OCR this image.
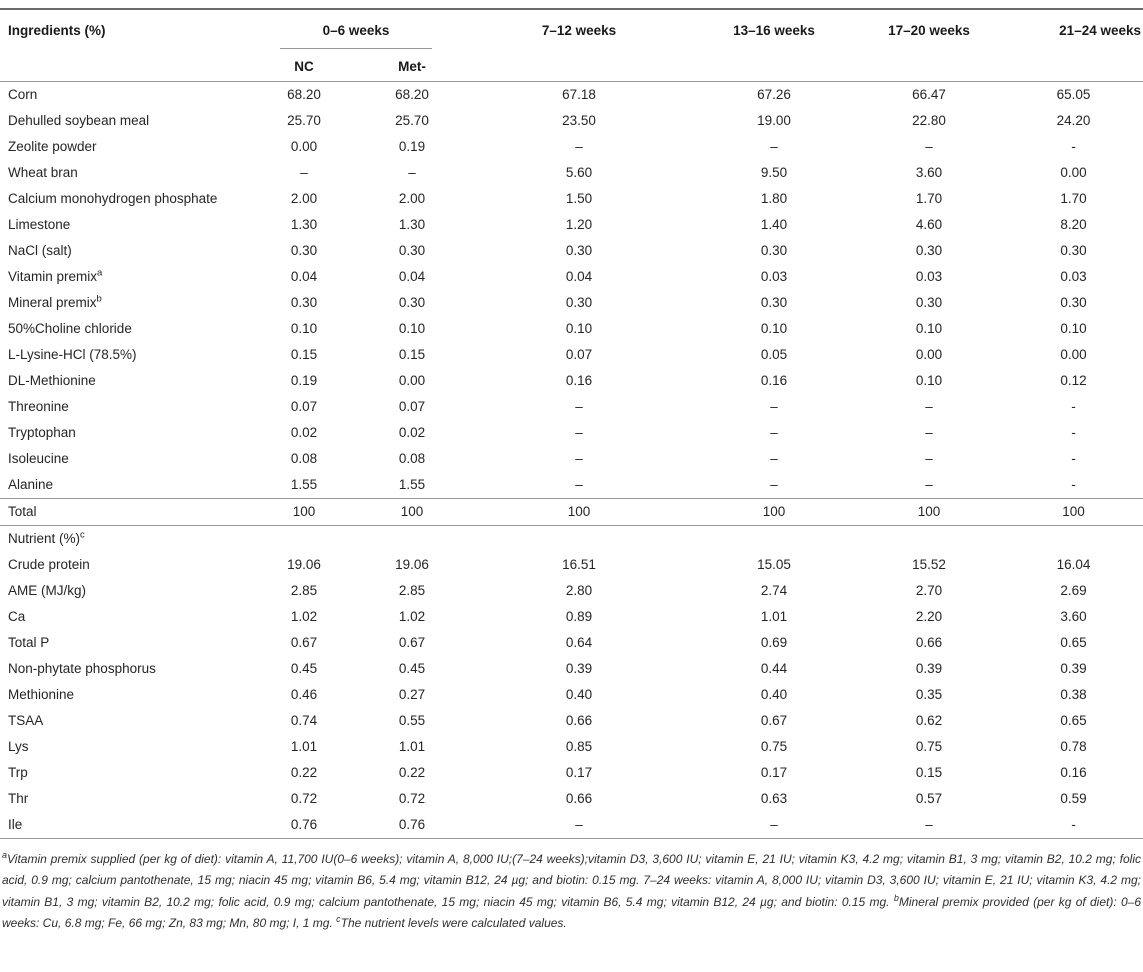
Ingredients (%)	0–6 weeks		7–12 weeks	13–16 weeks	17–20 weeks	21–24 weeks
	NC	Met-				
Corn	68.20	68.20	67.18	67.26	66.47	65.05
Dehulled soybean meal	25.70	25.70	23.50	19.00	22.80	24.20
Zeolite powder	0.00	0.19	–	–	–	-
Wheat bran	–	–	5.60	9.50	3.60	0.00
Calcium monohydrogen phosphate	2.00	2.00	1.50	1.80	1.70	1.70
Limestone	1.30	1.30	1.20	1.40	4.60	8.20
NaCl (salt)	0.30	0.30	0.30	0.30	0.30	0.30
Vitamin premix$^a$	0.04	0.04	0.04	0.03	0.03	0.03
Mineral premix$^b$	0.30	0.30	0.30	0.30	0.30	0.30
50%Choline chloride	0.10	0.10	0.10	0.10	0.10	0.10
L-Lysine-HCl (78.5%)	0.15	0.15	0.07	0.05	0.00	0.00
DL-Methionine	0.19	0.00	0.16	0.16	0.10	0.12
Threonine	0.07	0.07	–	–	–	-
Tryptophan	0.02	0.02	–	–	–	-
Isoleucine	0.08	0.08	–	–	–	-
Alanine	1.55	1.55	–	–	–	-
Total	100	100	100	100	100	100
Nutrient (%)$^c$
Crude protein	19.06	19.06	16.51	15.05	15.52	16.04
AME (MJ/kg)	2.85	2.85	2.80	2.74	2.70	2.69
Ca	1.02	1.02	0.89	1.01	2.20	3.60
Total P	0.67	0.67	0.64	0.69	0.66	0.65
Non-phytate phosphorus	0.45	0.45	0.39	0.44	0.39	0.39
Methionine	0.46	0.27	0.40	0.40	0.35	0.38
TSAA	0.74	0.55	0.66	0.67	0.62	0.65
Lys	1.01	1.01	0.85	0.75	0.75	0.78
Trp	0.22	0.22	0.17	0.17	0.15	0.16
Thr	0.72	0.72	0.66	0.63	0.57	0.59
Ile	0.76	0.76	–	–	–	-

$^a$Vitamin premix supplied (per kg of diet): vitamin A, 11,700 IU(0–6 weeks); vitamin A, 8,000 IU;(7–24 weeks);vitamin D3, 3,600 IU; vitamin E, 21 IU; vitamin K3, 4.2 mg; vitamin B1, 3 mg; vitamin B2, 10.2 mg; folic acid, 0.9 mg; calcium pantothenate, 15 mg; niacin 45 mg; vitamin B6, 5.4 mg; vitamin B12, 24 µg; and biotin: 0.15 mg. 7–24 weeks: vitamin A, 8,000 IU; vitamin D3, 3,600 IU; vitamin E, 21 IU; vitamin K3, 4.2 mg; vitamin B1, 3 mg; vitamin B2, 10.2 mg; folic acid, 0.9 mg; calcium pantothenate, 15 mg; niacin 45 mg; vitamin B6, 5.4 mg; vitamin B12, 24 µg; and biotin: 0.15 mg. $^b$Mineral premix provided (per kg of diet): 0–6 weeks: Cu, 6.8 mg; Fe, 66 mg; Zn, 83 mg; Mn, 80 mg; I, 1 mg. $^c$The nutrient levels were calculated values.
